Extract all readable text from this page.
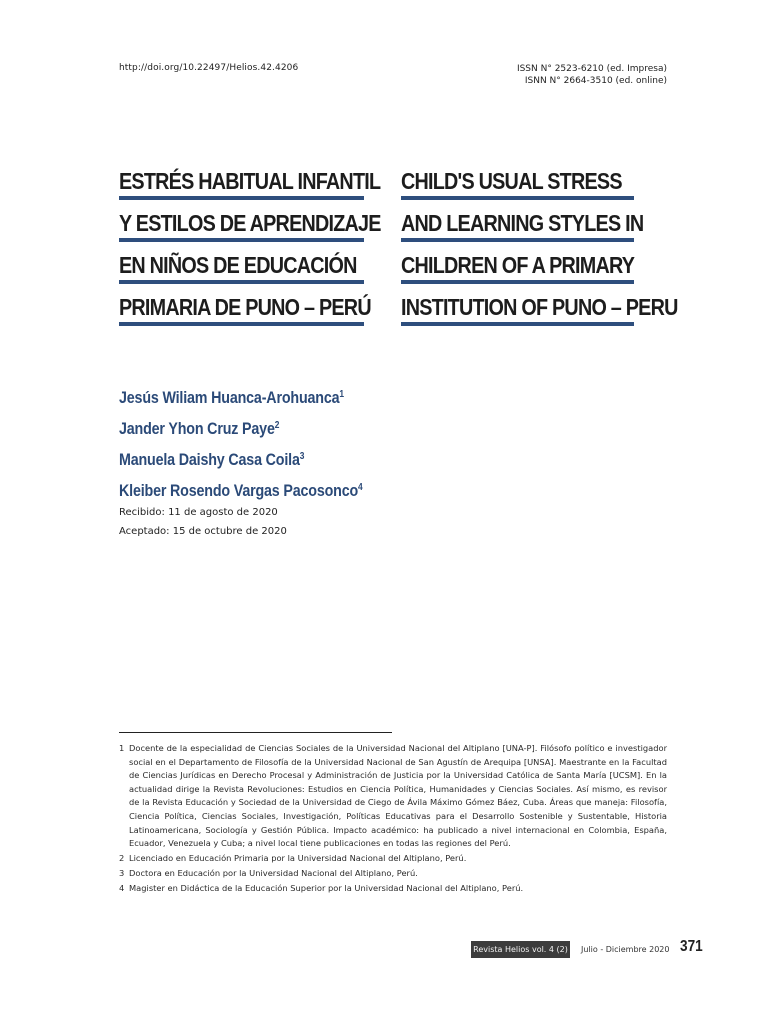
http://doi.org/10.22497/Helios.42.4206	ISSN N° 2523-6210 (ed. Impresa)
ISNN N° 2664-3510 (ed. online)
ESTRÉS HABITUAL INFANTIL
Y ESTILOS DE APRENDIZAJE
EN NIÑOS DE EDUCACIÓN
PRIMARIA DE PUNO – PERÚ
CHILD'S USUAL STRESS
AND LEARNING STYLES IN
CHILDREN OF A PRIMARY
INSTITUTION OF PUNO – PERU
Jesús Wiliam Huanca-Arohuanca$^1$
Jander Yhon Cruz Paye$^2$
Manuela Daishy Casa Coila$^3$
Kleiber Rosendo Vargas Pacosonco$^4$
Recibido: 11 de agosto de 2020
Aceptado: 15 de octubre de 2020
1 Docente de la especialidad de Ciencias Sociales de la Universidad Nacional del Altiplano [UNA-P]. Filósofo político e investigador social en el Departamento de Filosofía de la Universidad Nacional de San Agustín de Arequipa [UNSA]. Maestrante en la Facultad de Ciencias Jurídicas en Derecho Procesal y Administración de Justicia por la Universidad Católica de Santa María [UCSM]. En la actualidad dirige la Revista Revoluciones: Estudios en Ciencia Política, Humanidades y Ciencias Sociales. Así mismo, es revisor de la Revista Educación y Sociedad de la Universidad de Ciego de Ávila Máximo Gómez Báez, Cuba. Áreas que maneja: Filosofía, Ciencia Política, Ciencias Sociales, Investigación, Políticas Educativas para el Desarrollo Sostenible y Sustentable, Historia Latinoamericana, Sociología y Gestión Pública. Impacto académico: ha publicado a nivel internacional en Colombia, España, Ecuador, Venezuela y Cuba; a nivel local tiene publicaciones en todas las regiones del Perú.
2 Licenciado en Educación Primaria por la Universidad Nacional del Altiplano, Perú.
3 Doctora en Educación por la Universidad Nacional del Altiplano, Perú.
4 Magister en Didáctica de la Educación Superior por la Universidad Nacional del Altiplano, Perú.
Revista Helios vol. 4 (2) Julio - Diciembre 2020 371
